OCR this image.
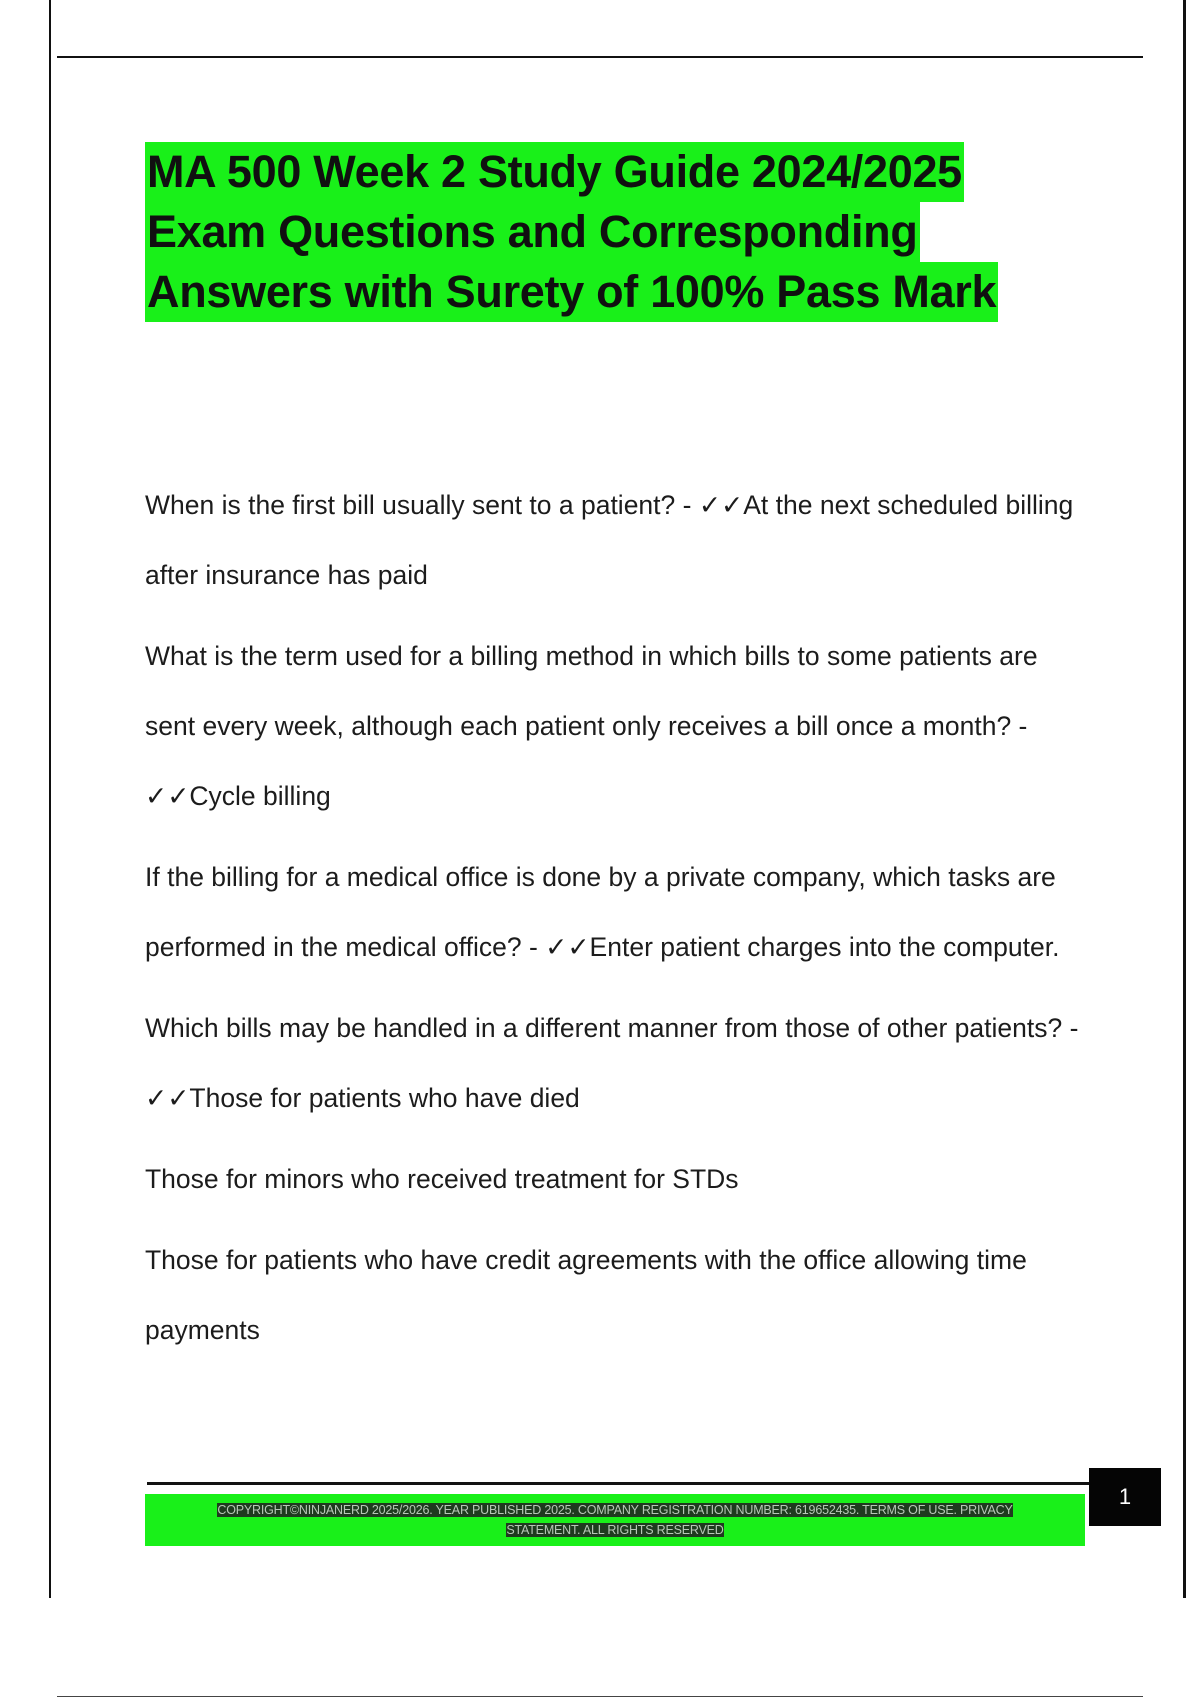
MA 500 Week 2 Study Guide 2024/2025
Exam Questions and Corresponding
Answers with Surety of 100% Pass Mark

When is the first bill usually sent to a patient? - ✓✓At the next scheduled billing after insurance has paid

What is the term used for a billing method in which bills to some patients are sent every week, although each patient only receives a bill once a month? - ✓✓Cycle billing

If the billing for a medical office is done by a private company, which tasks are performed in the medical office? - ✓✓Enter patient charges into the computer.

Which bills may be handled in a different manner from those of other patients? - ✓✓Those for patients who have died

Those for minors who received treatment for STDs

Those for patients who have credit agreements with the office allowing time payments

COPYRIGHT©NINJANERD 2025/2026. YEAR PUBLISHED 2025. COMPANY REGISTRATION NUMBER: 619652435. TERMS OF USE. PRIVACY
STATEMENT. ALL RIGHTS RESERVED
1
